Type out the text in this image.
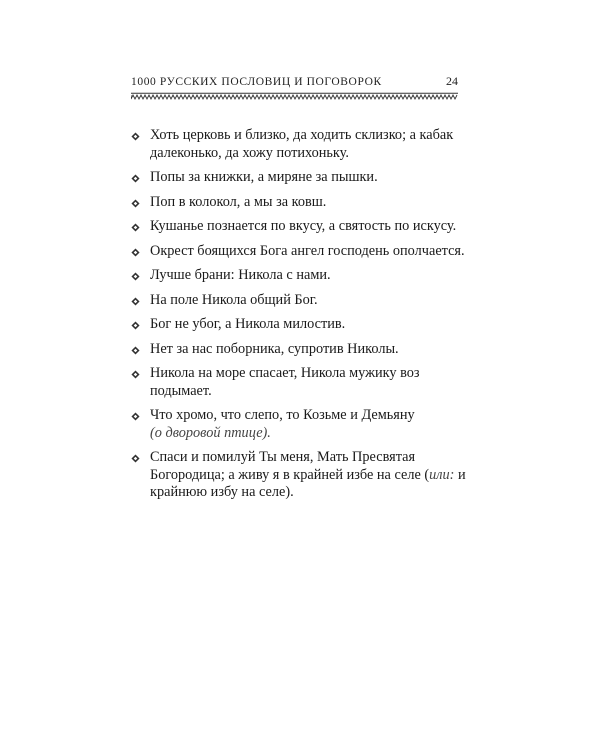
1000 РУССКИХ ПОСЛОВИЦ И ПОГОВОРОК	24
Хоть церковь и близко, да ходить склизко; а кабак далеконько, да хожу потихоньку.
Попы за книжки, а миряне за пышки.
Поп в колокол, а мы за ковш.
Кушанье познается по вкусу, а святость по искусу.
Окрест боящихся Бога ангел господень ополчается.
Лучше брани: Никола с нами.
На поле Никола общий Бог.
Бог не убог, а Никола милостив.
Нет за нас поборника, супротив Николы.
Никола на море спасает, Никола мужику воз подымает.
Что хромо, что слепо, то Козьме и Демьяну
(о дворовой птице).
Спаси и помилуй Ты меня, Мать Пресвятая Богородица; а живу я в крайней избе на селе (или: и крайнюю избу на селе).
